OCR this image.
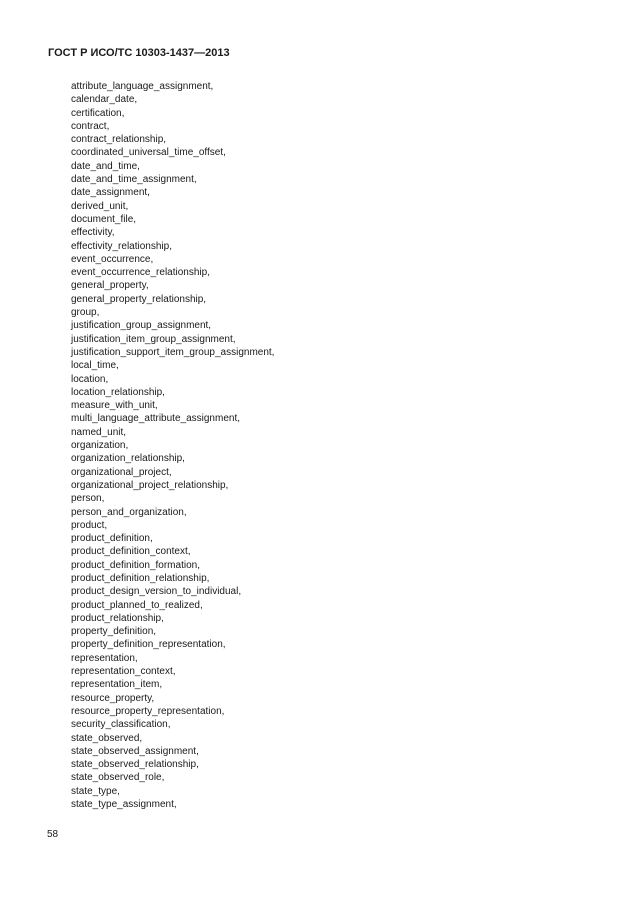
ГОСТ Р ИСО/ТС 10303-1437—2013
attribute_language_assignment,
calendar_date,
certification,
contract,
contract_relationship,
coordinated_universal_time_offset,
date_and_time,
date_and_time_assignment,
date_assignment,
derived_unit,
document_file,
effectivity,
effectivity_relationship,
event_occurrence,
event_occurrence_relationship,
general_property,
general_property_relationship,
group,
justification_group_assignment,
justification_item_group_assignment,
justification_support_item_group_assignment,
local_time,
location,
location_relationship,
measure_with_unit,
multi_language_attribute_assignment,
named_unit,
organization,
organization_relationship,
organizational_project,
organizational_project_relationship,
person,
person_and_organization,
product,
product_definition,
product_definition_context,
product_definition_formation,
product_definition_relationship,
product_design_version_to_individual,
product_planned_to_realized,
product_relationship,
property_definition,
property_definition_representation,
representation,
representation_context,
representation_item,
resource_property,
resource_property_representation,
security_classification,
state_observed,
state_observed_assignment,
state_observed_relationship,
state_observed_role,
state_type,
state_type_assignment,
58
